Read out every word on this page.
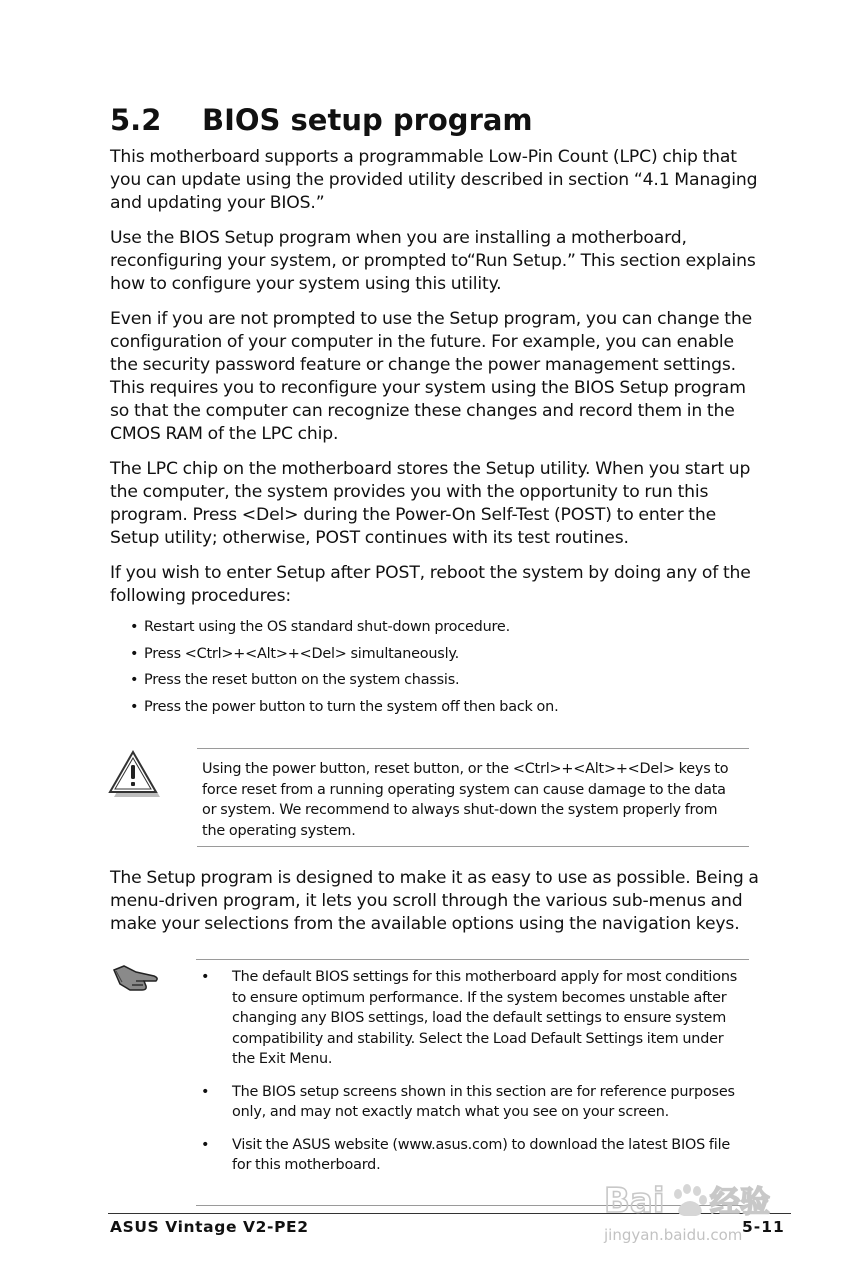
5.2 BIOS setup program

This motherboard supports a programmable Low-Pin Count (LPC) chip that you can update using the provided utility described in section “4.1 Managing and updating your BIOS.”

Use the BIOS Setup program when you are installing a motherboard, reconfiguring your system, or prompted to“Run Setup.” This section explains how to configure your system using this utility.

Even if you are not prompted to use the Setup program, you can change the configuration of your computer in the future. For example, you can enable the security password feature or change the power management settings. This requires you to reconfigure your system using the BIOS Setup program so that the computer can recognize these changes and record them in the CMOS RAM of the LPC chip.

The LPC chip on the motherboard stores the Setup utility. When you start up the computer, the system provides you with the opportunity to run this program. Press <Del> during the Power-On Self-Test (POST) to enter the Setup utility; otherwise, POST continues with its test routines.

If you wish to enter Setup after POST, reboot the system by doing any of the following procedures:

• Restart using the OS standard shut-down procedure.
• Press <Ctrl>+<Alt>+<Del> simultaneously.
• Press the reset button on the system chassis.
• Press the power button to turn the system off then back on.
Using the power button, reset button, or the <Ctrl>+<Alt>+<Del> keys to force reset from a running operating system can cause damage to the data or system. We recommend to always shut-down the system properly from the operating system.

The Setup program is designed to make it as easy to use as possible. Being a menu-driven program, it lets you scroll through the various sub-menus and make your selections from the available options using the navigation keys.

• The default BIOS settings for this motherboard apply for most conditions to ensure optimum performance. If the system becomes unstable after changing any BIOS settings, load the default settings to ensure system compatibility and stability. Select the Load Default Settings item under the Exit Menu.
• The BIOS setup screens shown in this section are for reference purposes only, and may not exactly match what you see on your screen.
• Visit the ASUS website (www.asus.com) to download the latest BIOS file for this motherboard.
ASUS Vintage V2-PE2	5-11
Bai 经验
jingyan.baidu.com
